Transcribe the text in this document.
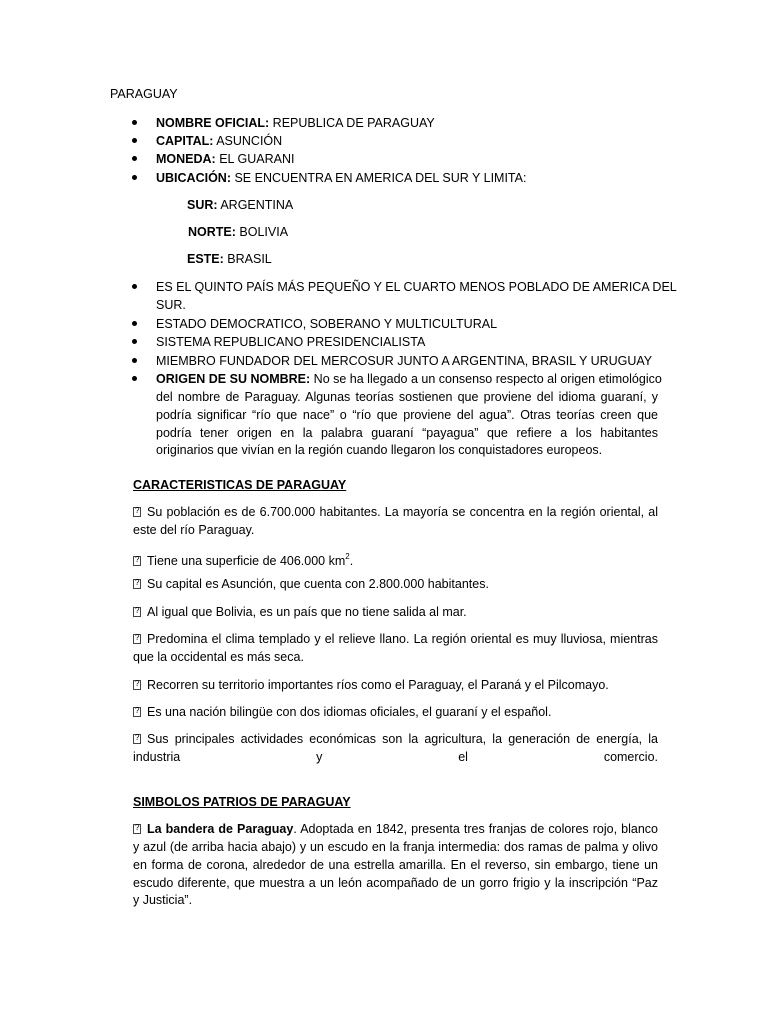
PARAGUAY
NOMBRE OFICIAL: REPUBLICA DE PARAGUAY
CAPITAL: ASUNCIÓN
MONEDA: EL GUARANI
UBICACIÓN: SE ENCUENTRA EN AMERICA DEL SUR Y LIMITA:
SUR: ARGENTINA
NORTE: BOLIVIA
ESTE: BRASIL
ES EL QUINTO PAÍS MÁS PEQUEÑO Y EL CUARTO MENOS POBLADO DE AMERICA DEL
SUR.
ESTADO DEMOCRATICO, SOBERANO Y MULTICULTURAL
SISTEMA REPUBLICANO PRESIDENCIALISTA
MIEMBRO FUNDADOR DEL MERCOSUR JUNTO A ARGENTINA, BRASIL Y URUGUAY
ORIGEN DE SU NOMBRE: No se ha llegado a un consenso respecto al origen etimológico
del nombre de Paraguay. Algunas teorías sostienen que proviene del idioma guaraní, y
podría significar “río que nace” o “río que proviene del agua”. Otras teorías creen que
podría tener origen en la palabra guaraní “payagua” que refiere a los habitantes
originarios que vivían en la región cuando llegaron los conquistadores europeos.
CARACTERISTICAS DE PARAGUAY
?Su población es de 6.700.000 habitantes. La mayoría se concentra en la región oriental, al
este del río Paraguay.
?Tiene una superficie de 406.000 $km^2$.
?Su capital es Asunción, que cuenta con 2.800.000 habitantes.
?Al igual que Bolivia, es un país que no tiene salida al mar.
?Predomina el clima templado y el relieve llano. La región oriental es muy lluviosa, mientras
que la occidental es más seca.
?Recorren su territorio importantes ríos como el Paraguay, el Paraná y el Pilcomayo.
?Es una nación bilingüe con dos idiomas oficiales, el guaraní y el español.
?Sus principales actividades económicas son la agricultura, la generación de energía, la
industria	y	el	comercio.
SIMBOLOS PATRIOS DE PARAGUAY
?La bandera de Paraguay. Adoptada en 1842, presenta tres franjas de colores rojo, blanco
y azul (de arriba hacia abajo) y un escudo en la franja intermedia: dos ramas de palma y olivo
en forma de corona, alrededor de una estrella amarilla. En el reverso, sin embargo, tiene un
escudo diferente, que muestra a un león acompañado de un gorro frigio y la inscripción “Paz
y Justicia”.
